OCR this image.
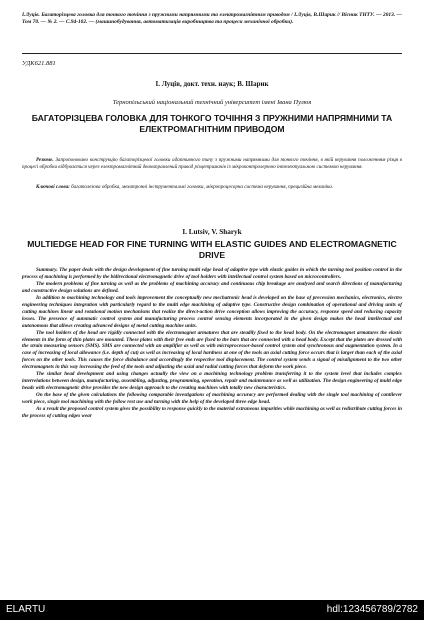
І.Луців. Багаторізцева головка для тонкого точіння з пружними напрямними та електромагнітним приводом / І.Луців, В.Шарик // Вісник ТНТУ. — 2013. — Том 70. — № 2. — С.94-102. — (машинобудування, автоматизація виробництва та процеси механічної обробки).
УДК621.881
І. Луців, докт. техн. наук; В. Шарик
Тернопільський національний технічний університет імені Івана Пулюя
БАГАТОРІЗЦЕВА ГОЛОВКА ДЛЯ ТОНКОГО ТОЧІННЯ З ПРУЖНИМИ НАПРЯМНИМИ ТА ЕЛЕКТРОМАГНІТНИМ ПРИВОДОМ
Резюме. Запропоновано конструкцію багаторізцевої головки адаптивного типу з пружними напрямними для тонкого точіння, в якій керування положенням різця в процесі обробки відбувається через електромагнітний двонаправлений привод різцетримачів із мікроконтролерною інтелектуальною системою керування.
Ключові слова: багатолезова обробка, мехатронні інструментальні головки, мікропроцесорна система керування, прецизійна механіка.
I. Lutsiv, V. Sharyk
MULTIEDGE HEAD FOR FINE TURNING WITH ELASTIC GUIDES AND ELECTROMAGNETIC DRIVE

Summary. The paper deals with the design development of fine turning multi edge head of adaptive type with elastic guides in which the turning tool position control in the process of machining is performed by the bidirectional electromagnetic drive of tool holders with intellectual control system based on microcontrollers.

The modern problems of fine turning as well as the problems of machining accuracy and continuous chip breakage are analyzed and search directions of manufacturing and constructive design solutions are defined.

In addition to machining technology and tools improvement the conceptually new mechatronic head is developed on the base of precession mechanics, electronics, electro engineering techniques integration with particularly regard to the multi edge machining of adaptive type. Constructive design combination of operational and driving units of cutting machines linear and rotational motion mechanisms that realize the direct-action drive conception allows improving the accuracy, response speed and reducing capacity losses. The presence of automatic control system and manufacturing process control sensing elements incorporated in the given design makes the head intellectual and autonomous that allows creating advanced designs of metal cutting machine units.

The tool holders of the head are rigidly connected with the electromagnet armatures that are steadily fixed to the head body. On the electromagnet armatures the elastic elements in the form of thin plates are mounted. These plates with their free ends are fixed to the bars that are connected with a head body. Except that the plates are dressed with the strain measuring sensors (SMS). SMS are connected with an amplifier as well as with microprocessor-based control system and synchronous and augmentation system. In a case of increasing of local allowance (i.e. depth of cut) as well as increasing of local hardness at one of the tools an axial cutting force occurs that is larger than each of the axial forces on the other tools. This causes the force disbalance and accordingly the respective tool displacement. The control system sends a signal of misalignment to the two other electromagnets in this way increasing the feed of the tools and adjusting the axial and radial cutting forces that deform the work piece.

The similar head development and using changes actually the view on a machining technology problem transferring it to the system level that includes complex interrelations between design, manufacturing, assembling, adjusting, programming, operation, repair and maintenance as well as utilization. The design engineering of multi edge heads with electromagnetic drive provides the new design approach to the creating machines with totally new characteristics.

On the base of the given calculations the following comparable investigations of machining accuracy are performed dealing with the single tool machining of cantilever work piece, single tool machining with the follow rest use and turning with the help of the developed three edge head.

As a result the proposed control system gives the possibility to response quickly to the material extraneous impurities while machining as well as redistribute cutting forces in the process of cutting edges wear

ELARTU	hdl:123456789/2782
